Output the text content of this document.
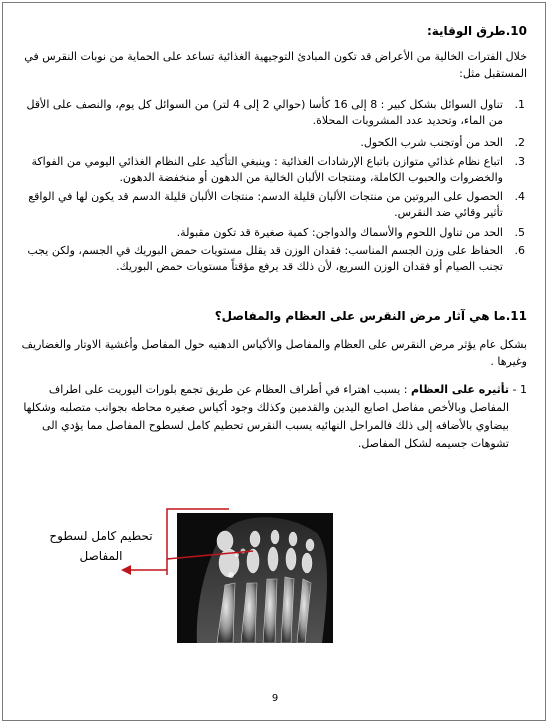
10.طرق الوقاية:
خلال الفترات الخالية من الأعراض قد تكون المبادئ التوجيهية الغذائية تساعد على الحماية من نوبات النقرس في المستقبل مثل:
1.
تناول السوائل بشكل كبير : 8 إلى 16 كأسا (حوالي 2 إلى 4 لتر) من السوائل كل يوم، والنصف على الأقل من الماء، وتحديد عدد المشروبات المحلاة.
2.
الحد من أوتجنب شرب الكحول.
3.
اتباع نظام غذائي متوازن باتباع الإرشادات الغذائية : وينبغي التأكيد على النظام الغذائي اليومي من الفواكة والخضروات والحبوب الكاملة، ومنتجات الألبان الخالية من الدهون أو منخفضة الدهون.
4.
الحصول على البروتين من منتجات الألبان قليلة الدسم: منتجات الألبان قليلة الدسم قد يكون لها في الواقع تأثير وقائي ضد النقرس.
5.
الحد من تناول اللحوم والأسماك والدواجن: كمية صغيرة قد تكون مقبولة.
6.
الحفاظ على وزن الجسم المناسب: فقدان الوزن قد يقلل مستويات حمض البوريك في الجسم، ولكن يجب تجنب الصيام أو فقدان الوزن السريع، لأن ذلك قد يرفع مؤقتاً مستويات حمض البوريك.
11.ما هي آثار مرض النقرس على العظام والمفاصل؟
بشكل عام يؤثر مرض النقرس على العظام والمفاصل والأكياس الدهنيه حول المفاصل وأغشية الاوتار والغضاريف وغيرها .
1 -
تأثيره على العظام : يسبب اهتراء في أطراف العظام عن طريق تجمع بلورات اليوريت على اطراف المفاصل وبالأخص مفاصل اصابع اليدين والقدمين وكذلك وجود أكياس صغيره محاطه بجوانب متصلبه وشكلها بيضاوي بالأضافه إلى ذلك فالمراحل النهائيه يسبب النقرس تحطيم كامل لسطوح المفاصل مما يؤدي الى تشوهات جسيمه لشكل المفاصل.
تحطيم كامل لسطوح المفاصل
9
